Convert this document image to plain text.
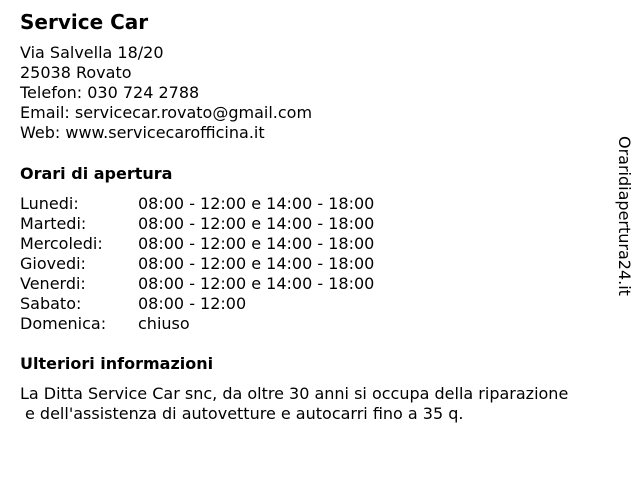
Service Car
Via Salvella 18/20
25038 Rovato
Telefon: 030 724 2788
Email: servicecar.rovato@gmail.com
Web: www.servicecarofficina.it
Orari di apertura
Lunedi:	08:00 - 12:00 e 14:00 - 18:00
Martedi:	08:00 - 12:00 e 14:00 - 18:00
Mercoledi: 08:00 - 12:00 e 14:00 - 18:00
Giovedi:	08:00 - 12:00 e 14:00 - 18:00
Venerdi:	08:00 - 12:00 e 14:00 - 18:00
Sabato:	08:00 - 12:00
Domenica: chiuso
Ulteriori informazioni
La Ditta Service Car snc, da oltre 30 anni si occupa della riparazione
e dell'assistenza di autovetture e autocarri fino a 35 q.
Oraridiapertura24.it
